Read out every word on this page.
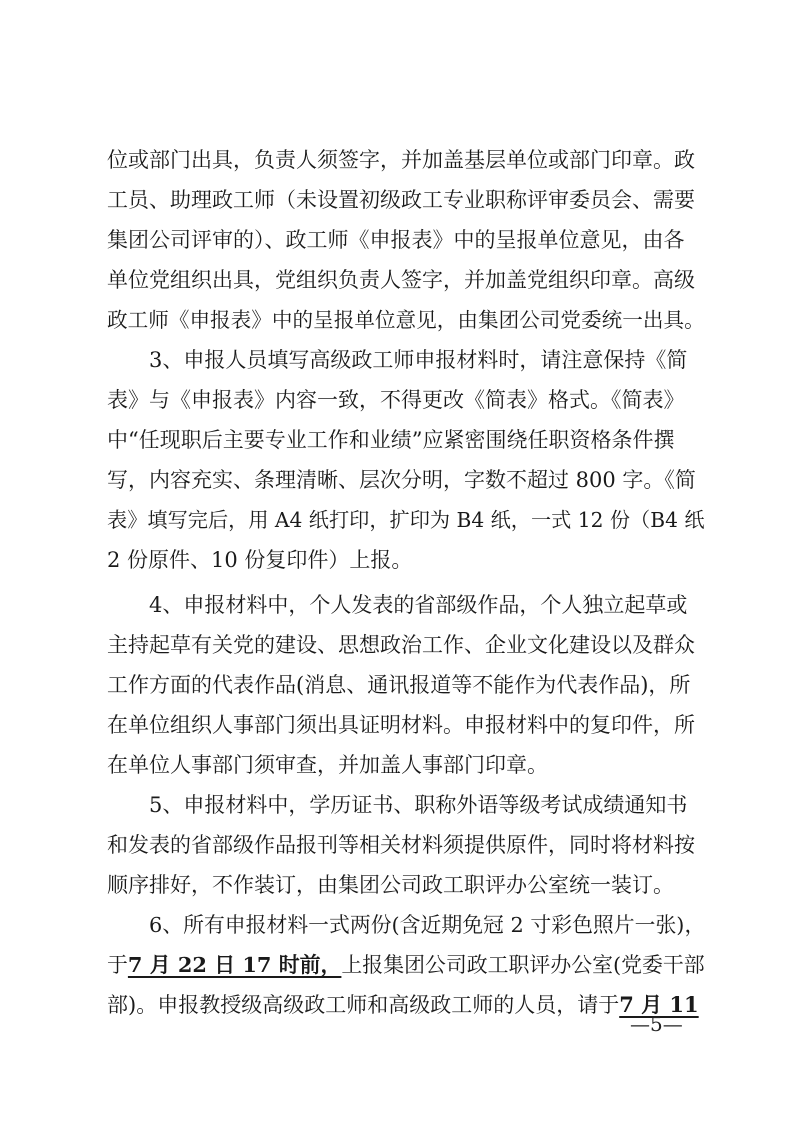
位或部门出具，负责人须签字，并加盖基层单位或部门印章。政
工员、助理政工师（未设置初级政工专业职称评审委员会、需要
集团公司评审的）、政工师《申报表》中的呈报单位意见，由各
单位党组织出具，党组织负责人签字，并加盖党组织印章。高级
政工师《申报表》中的呈报单位意见，由集团公司党委统一出具。
3、申报人员填写高级政工师申报材料时，请注意保持《简
表》与《申报表》内容一致，不得更改《简表》格式。《简表》
中“任现职后主要专业工作和业绩”应紧密围绕任职资格条件撰
写，内容充实、条理清晰、层次分明，字数不超过 800 字。《简
表》填写完后，用 A4 纸打印，扩印为 B4 纸，一式 12 份（B4 纸
2 份原件、10 份复印件）上报。
4、申报材料中，个人发表的省部级作品，个人独立起草或
主持起草有关党的建设、思想政治工作、企业文化建设以及群众
工作方面的代表作品(消息、通讯报道等不能作为代表作品)，所
在单位组织人事部门须出具证明材料。申报材料中的复印件，所
在单位人事部门须审查，并加盖人事部门印章。
5、申报材料中，学历证书、职称外语等级考试成绩通知书
和发表的省部级作品报刊等相关材料须提供原件，同时将材料按
顺序排好，不作装订，由集团公司政工职评办公室统一装订。
6、所有申报材料一式两份(含近期免冠 2 寸彩色照片一张)，
于7 月 22 日 17 时前，上报集团公司政工职评办公室(党委干部
部)。申报教授级高级政工师和高级政工师的人员，请于7 月 11
—5—
